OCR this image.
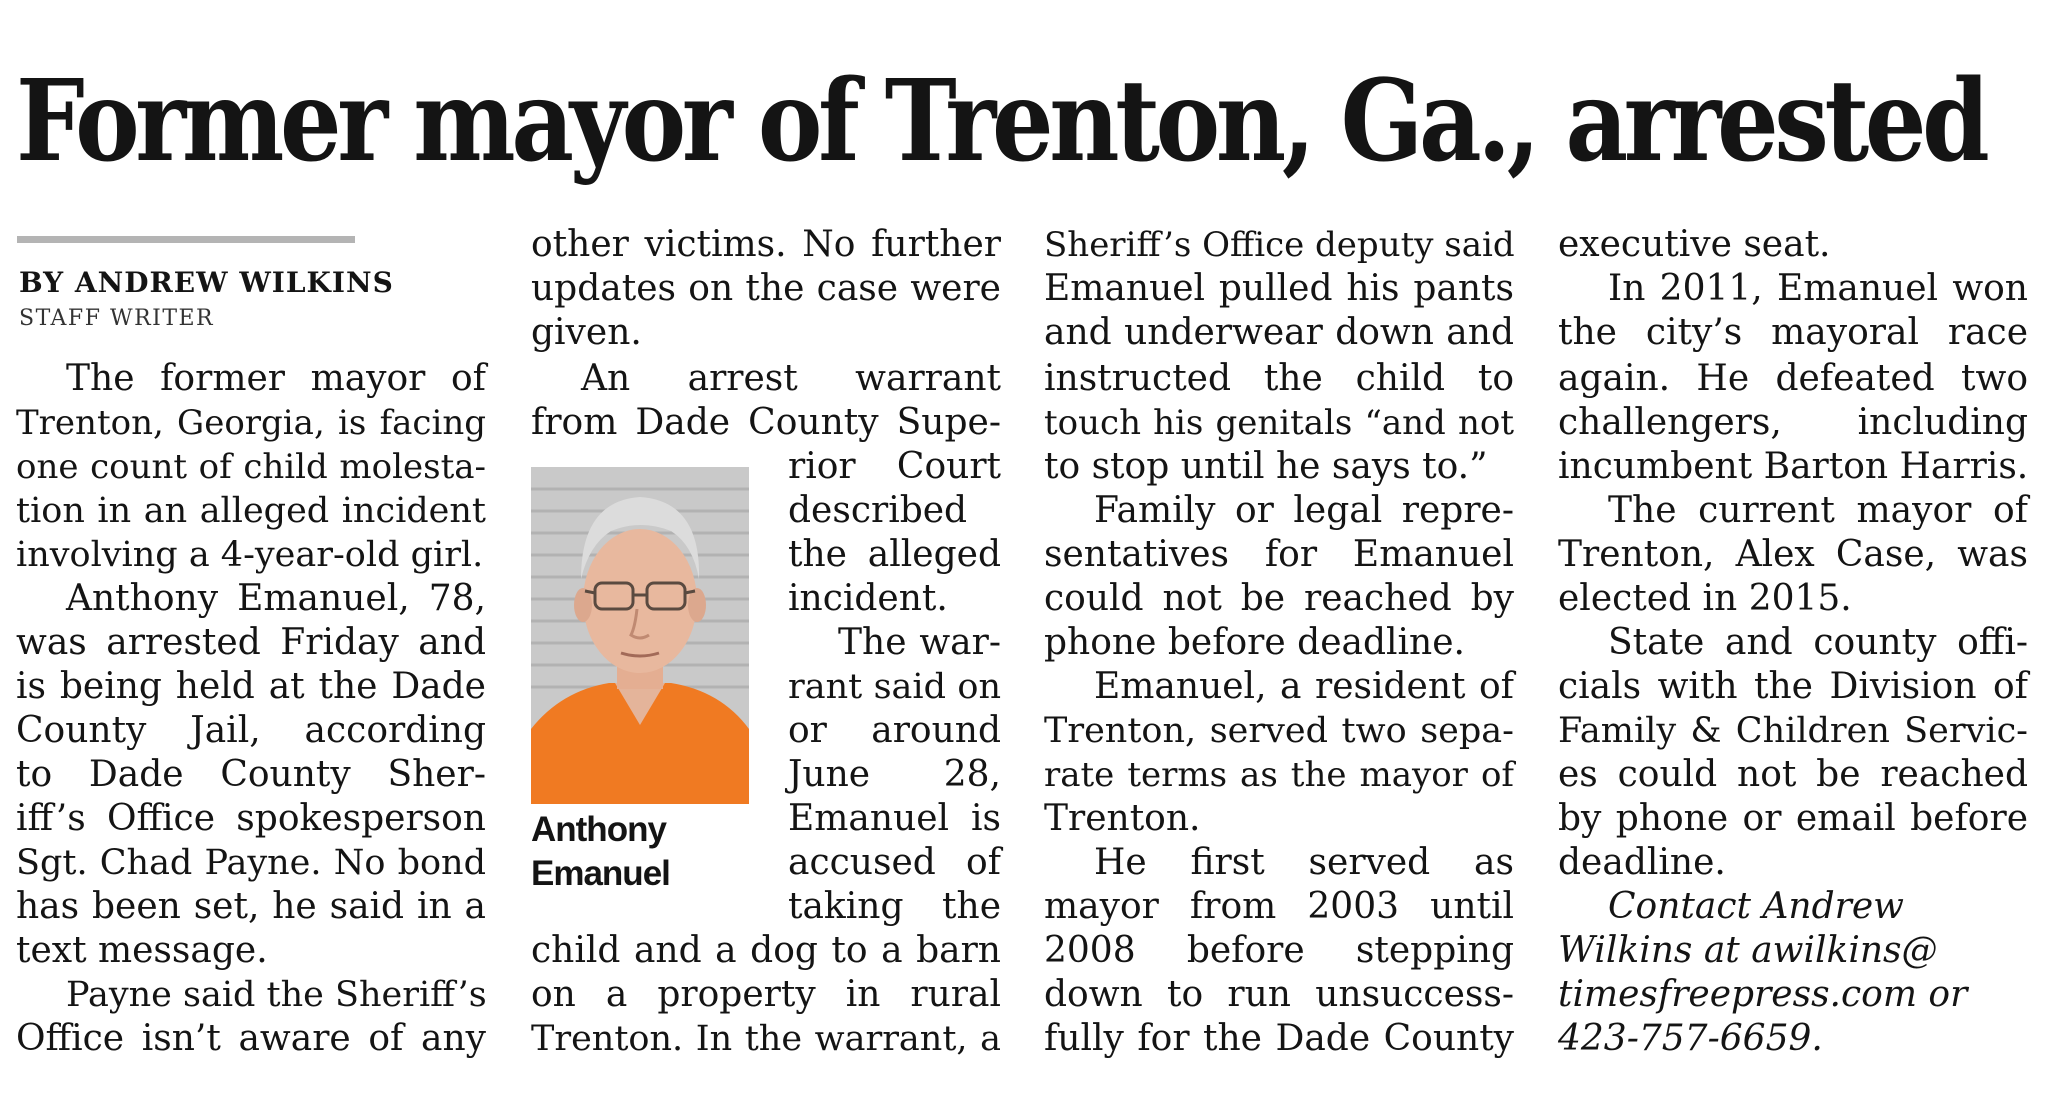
Former mayor of Trenton, Ga., arrested
BY ANDREW WILKINS
STAFF WRITER
The former mayor of
Trenton, Georgia, is facing
one count of child molesta-
tion in an alleged incident
involving a 4-year-old girl.
Anthony Emanuel, 78,
was arrested Friday and
is being held at the Dade
County Jail, according
to Dade County Sher-
iff’s Office spokesperson
Sgt. Chad Payne. No bond
has been set, he said in a
text message.
Payne said the Sheriff’s
Office isn’t aware of any
other victims. No further
updates on the case were
given.
An arrest warrant
from Dade County Supe-
rior Court
described
the alleged
incident.
The war-
rant said on
or around
June 28,
Emanuel is
accused of
taking the
child and a dog to a barn
on a property in rural
Trenton. In the warrant, a
Anthony
Emanuel
Sheriff’s Office deputy said
Emanuel pulled his pants
and underwear down and
instructed the child to
touch his genitals “and not
to stop until he says to.”
Family or legal repre-
sentatives for Emanuel
could not be reached by
phone before deadline.
Emanuel, a resident of
Trenton, served two sepa-
rate terms as the mayor of
Trenton.
He first served as
mayor from 2003 until
2008 before stepping
down to run unsuccess-
fully for the Dade County
executive seat.
In 2011, Emanuel won
the city’s mayoral race
again. He defeated two
challengers, including
incumbent Barton Harris.
The current mayor of
Trenton, Alex Case, was
elected in 2015.
State and county offi-
cials with the Division of
Family & Children Servic-
es could not be reached
by phone or email before
deadline.
Contact Andrew
Wilkins at awilkins@
timesfreepress.com or
423-757-6659.
